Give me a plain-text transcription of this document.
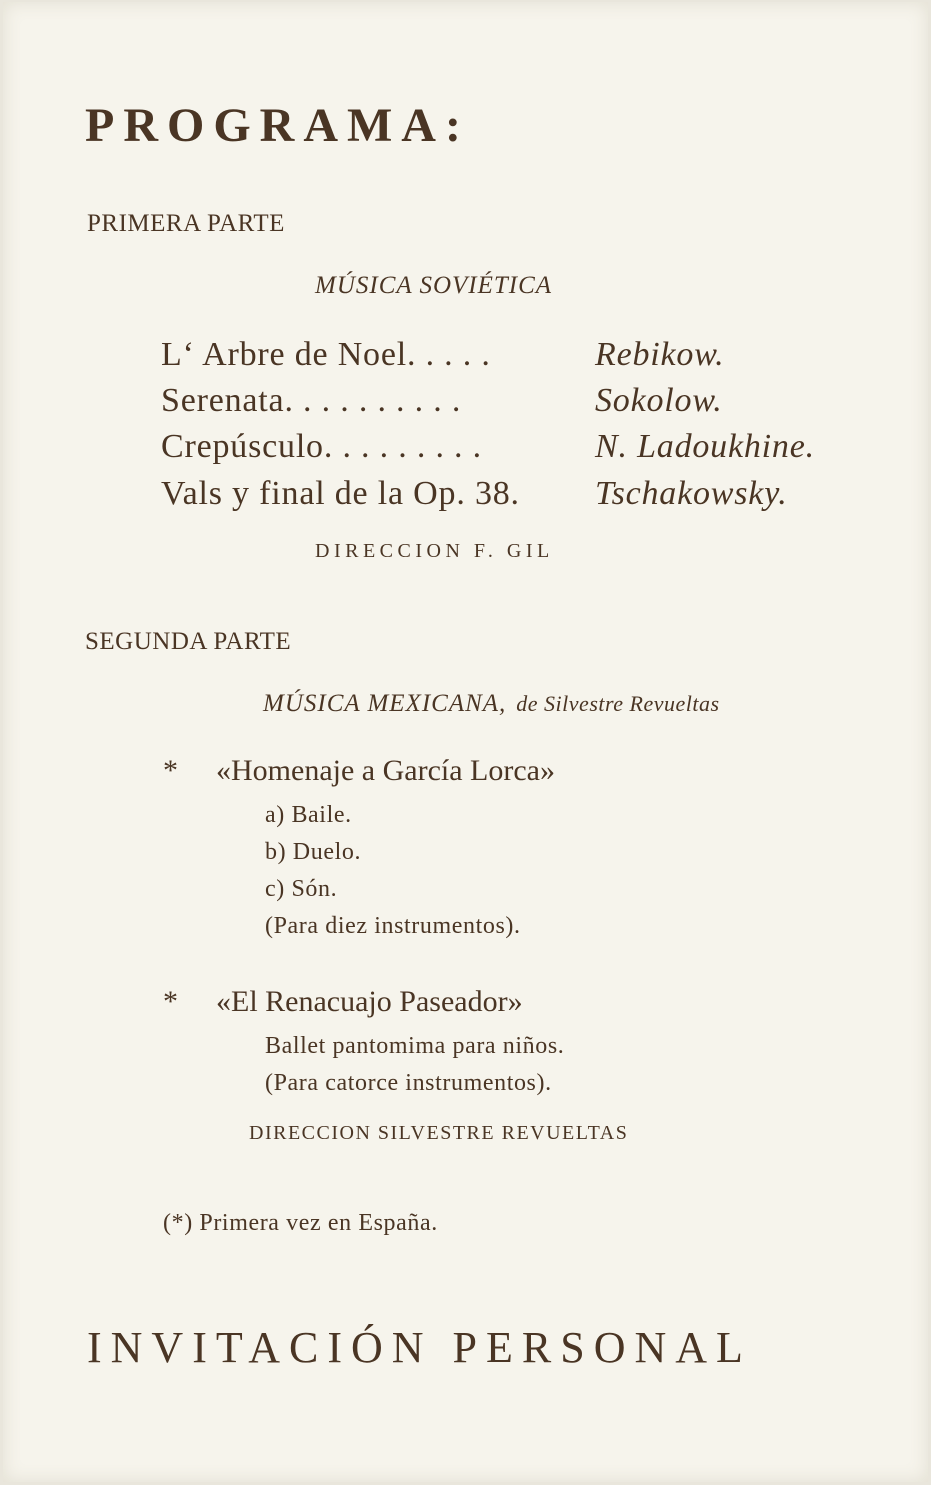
PROGRAMA:
PRIMERA PARTE
MÚSICA SOVIÉTICA
L‘ Arbre de Noel. . . . .	Rebikow.
Serenata. . . . . . . . . .	Sokolow.
Crepúsculo. . . . . . . . .	N. Ladoukhine.
Vals y final de la Op. 38. Tschakowsky.
DIRECCION F. GIL
SEGUNDA PARTE
MÚSICA MEXICANA, de Silvestre Revueltas
* «Homenaje a García Lorca»
a) Baile.
b) Duelo.
c) Són.
(Para diez instrumentos).
* «El Renacuajo Paseador»
Ballet pantomima para niños.
(Para catorce instrumentos).
DIRECCION SILVESTRE REVUELTAS
(*) Primera vez en España.
INVITACIÓN PERSONAL
